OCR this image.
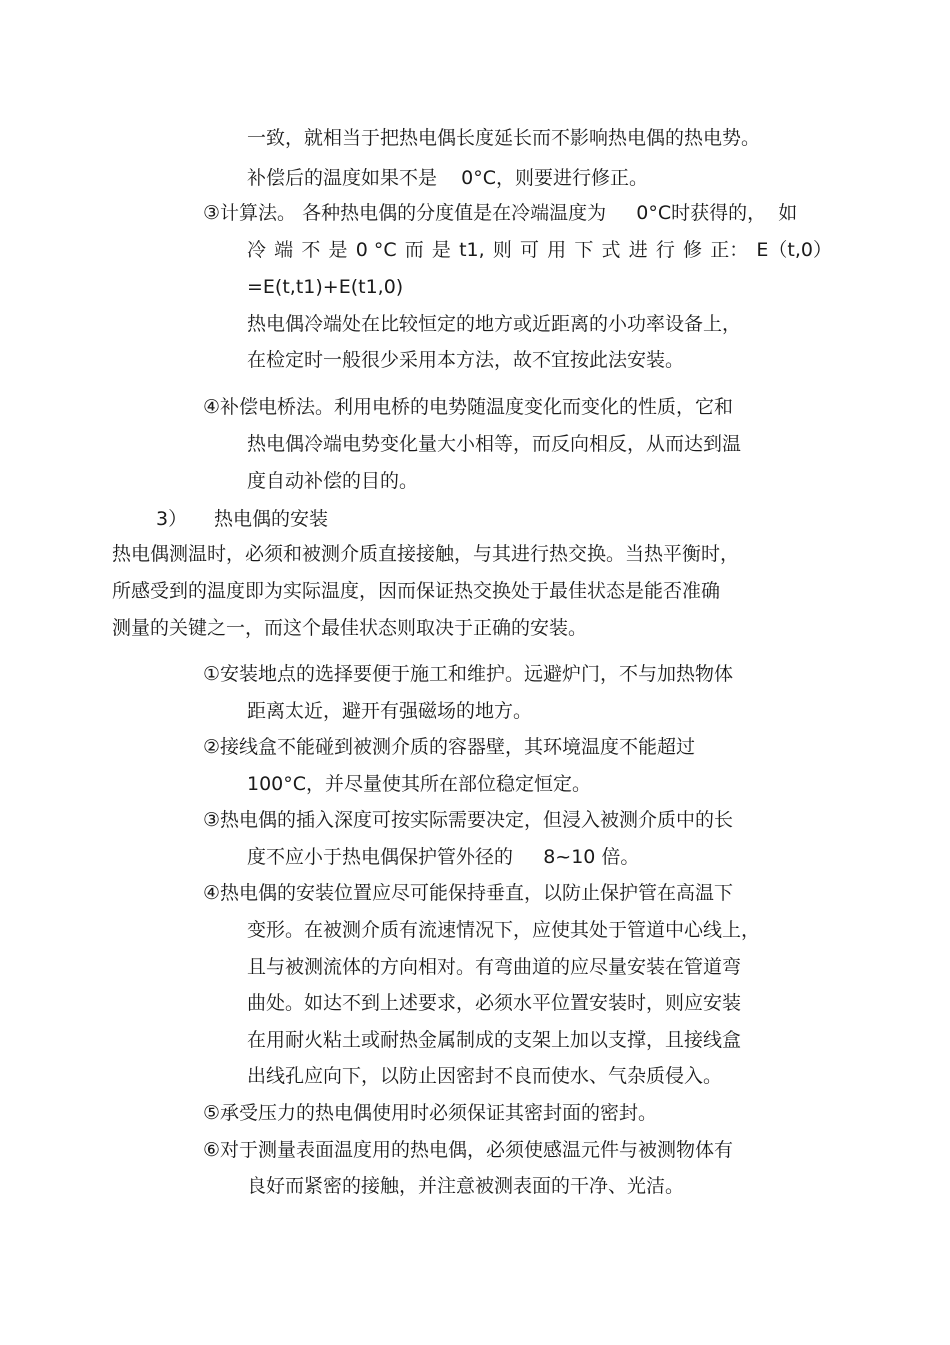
一致，就相当于把热电偶长度延长而不影响热电偶的热电势。
补偿后的温度如果不是    0°C，则要进行修正。
③计算法。 各种热电偶的分度值是在冷端温度为     0°C时获得的，  如
冷 端 不 是 0 °C 而 是 t1, 则 可 用 下 式 进 行 修 正： E（t,0）
=E(t,t1)+E(t1,0)
热电偶冷端处在比较恒定的地方或近距离的小功率设备上，
在检定时一般很少采用本方法，故不宜按此法安装。
④补偿电桥法。利用电桥的电势随温度变化而变化的性质，它和
热电偶冷端电势变化量大小相等，而反向相反，从而达到温
度自动补偿的目的。
3） 热电偶的安装
热电偶测温时，必须和被测介质直接接触，与其进行热交换。当热平衡时，
所感受到的温度即为实际温度，因而保证热交换处于最佳状态是能否准确
测量的关键之一，而这个最佳状态则取决于正确的安装。
①安装地点的选择要便于施工和维护。远避炉门，不与加热物体
距离太近，避开有强磁场的地方。
②接线盒不能碰到被测介质的容器壁，其环境温度不能超过
100°C，并尽量使其所在部位稳定恒定。
③热电偶的插入深度可按实际需要决定，但浸入被测介质中的长
度不应小于热电偶保护管外径的     8~10 倍。
④热电偶的安装位置应尽可能保持垂直，以防止保护管在高温下
变形。在被测介质有流速情况下，应使其处于管道中心线上，
且与被测流体的方向相对。有弯曲道的应尽量安装在管道弯
曲处。如达不到上述要求，必须水平位置安装时，则应安装
在用耐火粘土或耐热金属制成的支架上加以支撑，且接线盒
出线孔应向下，以防止因密封不良而使水、气杂质侵入。
⑤承受压力的热电偶使用时必须保证其密封面的密封。
⑥对于测量表面温度用的热电偶，必须使感温元件与被测物体有
良好而紧密的接触，并注意被测表面的干净、光洁。
